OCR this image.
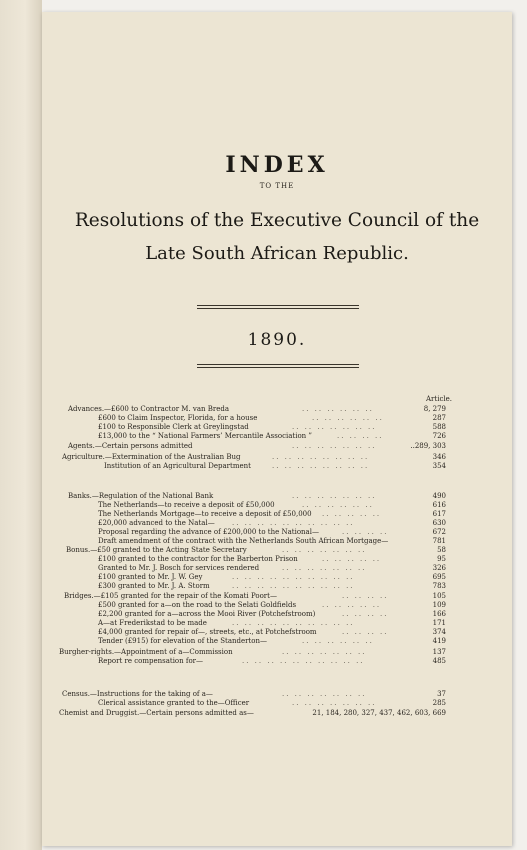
INDEX
TO THE
Resolutions of the Executive Council of the
Late South African Republic.
1890.
Article.
Advances.—£600 to Contractor M. van Breda	.. .. .. .. .. ..	8, 279
£600 to Claim Inspector, Florida, for a house	.. .. .. .. .. ..	287
£100 to Responsible Clerk at Greylingstad	.. .. .. .. .. .. ..	588
£13,000 to the “ National Farmers’ Mercantile Association ”	.. .. .. ..	726
Agents.—Certain persons admitted	.. .. .. .. .. .. ..	..289, 303
Agriculture.—Extermination of the Australian Bug	.. .. .. .. .. .. .. ..	346
Institution of an Agricultural Department	.. .. .. .. .. .. .. ..	354
Banks.—Regulation of the National Bank	.. .. .. .. .. .. ..	490
The Netherlands—to receive a deposit of £50,000	.. .. .. .. .. ..	616
The Netherlands Mortgage—to receive a deposit of £50,000 .. .. .. .. ..	617
£20,000 advanced to the Natal— .. .. .. .. .. .. .. .. .. ..	630
Proposal regarding the advance of £200,000 to the National—	.. .. .. ..	672
Draft amendment of the contract with the Netherlands South African Mortgage—	781
Bonus.—£50 granted to the Acting State Secretary	.. .. .. .. .. .. ..	58
£100 granted to the contractor for the Barberton Prison	.. .. .. .. ..	95
Granted to Mr. J. Bosch for services rendered	.. .. .. .. .. .. ..	326
£100 granted to Mr. J. W. Gey	.. .. .. .. .. .. .. .. .. ..	695
£300 granted to Mr. J. A. Storm	.. .. .. .. .. .. .. .. .. ..	783
Bridges.—£105 granted for the repair of the Komati Poort—	.. .. .. ..	105
£500 granted for a—on the road to the Selati Goldfields	.. .. .. .. ..	109
£2,200 granted for a—across the Mooi River (Potchefstroom)	.. .. .. ..	166
A—at Frederikstad to be made	.. .. .. .. .. .. .. .. .. ..	171
£4,000 granted for repair of—, streets, etc., at Potchefstroom	.. .. .. ..	374
Tender (£915) for elevation of the Standerton—	.. .. .. .. .. ..	419
Burgher-rights.—Appointment of a—Commission	.. .. .. .. .. .. ..	137
Report re compensation for—	.. .. .. .. .. .. .. .. .. ..	485
Census.—Instructions for the taking of a—	.. .. .. .. .. .. ..	37
Clerical assistance granted to the—Officer	.. .. .. .. .. .. ..	285
Chemist and Druggist.—Certain persons admitted as—	21, 184, 280, 327, 437, 462, 603, 669
